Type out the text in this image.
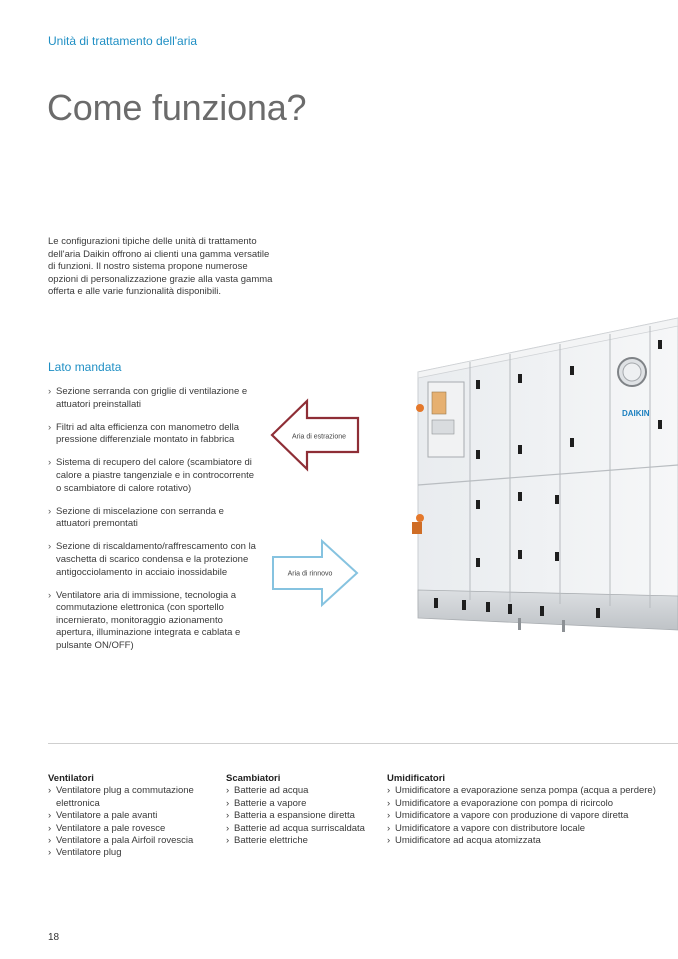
Unità di trattamento dell'aria
Come funziona?
Le configurazioni tipiche delle unità di trattamento dell'aria Daikin offrono ai clienti una gamma versatile di funzioni. Il nostro sistema propone numerose opzioni di personalizzazione grazie alla vasta gamma offerta e alle varie funzionalità disponibili.
Lato mandata
› Sezione serranda con griglie di ventilazione e attuatori preinstallati
› Filtri ad alta efficienza con manometro della pressione differenziale montato in fabbrica
› Sistema di recupero del calore (scambiatore di calore a piastre tangenziale e in controcorrente o scambiatore di calore rotativo)
› Sezione di miscelazione con serranda e attuatori premontati
› Sezione di riscaldamento/raffrescamento con la vaschetta di scarico condensa e la protezione antigocciolamento in acciaio inossidabile
› Ventilatore aria di immissione, tecnologia a commutazione elettronica (con sportello incernierato, monitoraggio azionamento apertura, illuminazione integrata e cablata e pulsante ON/OFF)
Aria di estrazione
Aria di rinnovo
DAIKIN
Ventilatori
› Ventilatore plug a commutazione elettronica
› Ventilatore a pale avanti
› Ventilatore a pale rovesce
› Ventilatore a pala Airfoil rovescia
› Ventilatore plug
Scambiatori
› Batterie ad acqua
› Batterie a vapore
› Batteria a espansione diretta
› Batterie ad acqua surriscaldata
› Batterie elettriche
Umidificatori
› Umidificatore a evaporazione senza pompa (acqua a perdere)
› Umidificatore a evaporazione con pompa di ricircolo
› Umidificatore a vapore con produzione di vapore diretta
› Umidificatore a vapore con distributore locale
› Umidificatore ad acqua atomizzata
18
